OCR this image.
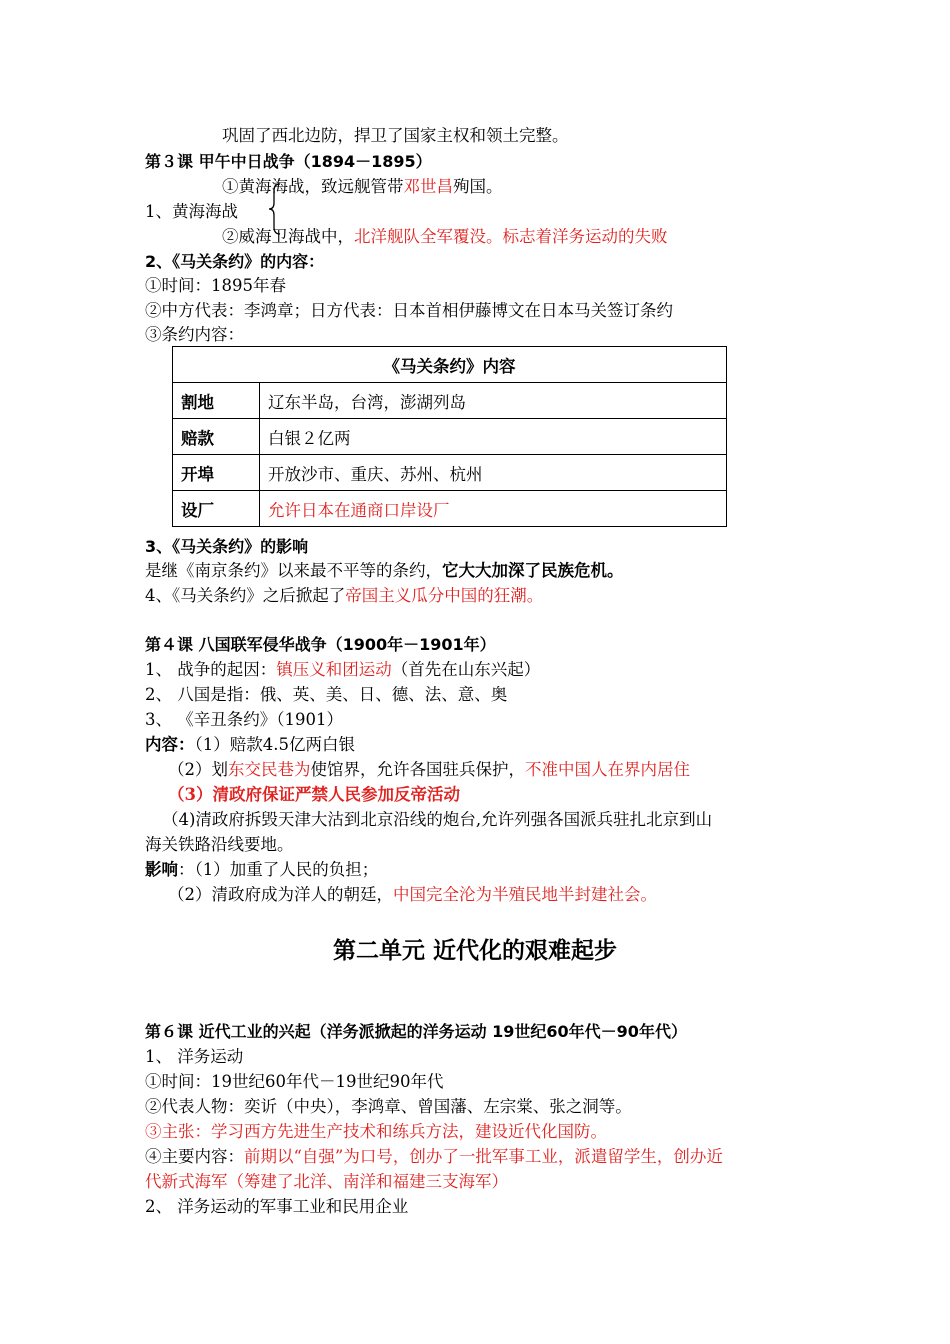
巩固了西北边防，捍卫了国家主权和领土完整。
第３课 甲午中日战争（1894－1895）
①黄海海战，致远舰管带邓世昌殉国。
1、黄海海战
②威海卫海战中，北洋舰队全军覆没。标志着洋务运动的失败
2、《马关条约》的内容：
①时间：1895年春
②中方代表：李鸿章；日方代表：日本首相伊藤博文在日本马关签订条约
③条约内容：
《马关条约》内容	
割地	辽东半岛，台湾，澎湖列岛
赔款	白银２亿两
开埠	开放沙市、重庆、苏州、杭州
设厂	允许日本在通商口岸设厂
3、《马关条约》的影响
是继《南京条约》以来最不平等的条约，它大大加深了民族危机。
4、《马关条约》之后掀起了帝国主义瓜分中国的狂潮。
第４课 八国联军侵华战争（1900年－1901年）
1、 战争的起因：镇压义和团运动（首先在山东兴起）
2、 八国是指：俄、英、美、日、德、法、意、奥
3、 《辛丑条约》（1901）
内容：（1）赔款4.5亿两白银
（2）划东交民巷为使馆界，允许各国驻兵保护，不准中国人在界内居住
（3）清政府保证严禁人民参加反帝活动
（4)清政府拆毁天津大沽到北京沿线的炮台,允许列强各国派兵驻扎北京到山
海关铁路沿线要地。
影响：（1）加重了人民的负担；
（2）清政府成为洋人的朝廷，中国完全沦为半殖民地半封建社会。
第二单元 近代化的艰难起步
第６课 近代工业的兴起（洋务派掀起的洋务运动 19世纪60年代－90年代）
1、 洋务运动
①时间：19世纪60年代－19世纪90年代
②代表人物：奕䜣（中央），李鸿章、曾国藩、左宗棠、张之洞等。
③主张：学习西方先进生产技术和练兵方法，建设近代化国防。
④主要内容：前期以“自强”为口号，创办了一批军事工业，派遣留学生，创办近
代新式海军（筹建了北洋、南洋和福建三支海军）
2、 洋务运动的军事工业和民用企业
